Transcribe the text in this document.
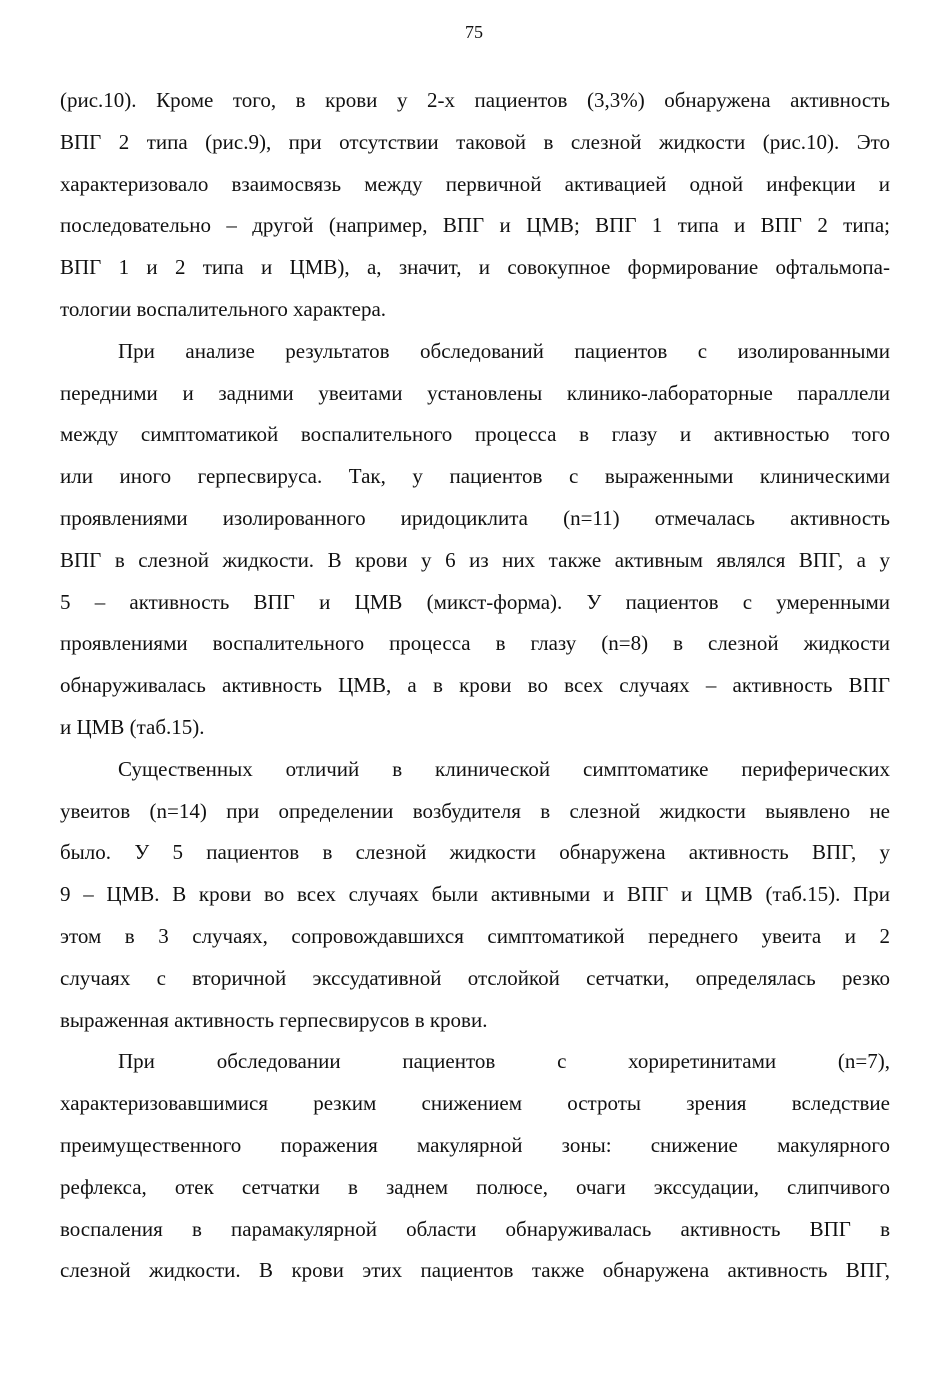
75
(рис.10). Кроме того, в крови у 2-х пациентов (3,3%) обнаружена активность
ВПГ 2 типа (рис.9), при отсутствии таковой в слезной жидкости (рис.10). Это
характеризовало взаимосвязь между первичной активацией одной инфекции и
последовательно – другой (например, ВПГ и ЦМВ; ВПГ 1 типа и ВПГ 2 типа;
ВПГ 1 и 2 типа и ЦМВ), а, значит, и совокупное формирование офтальмопа-
тологии воспалительного характера.
При анализе результатов обследований пациентов с изолированными
передними и задними увеитами установлены клинико-лабораторные параллели
между симптоматикой воспалительного процесса в глазу и активностью того
или иного герпесвируса. Так, у пациентов с выраженными клиническими
проявлениями изолированного иридоциклита (n=11) отмечалась активность
ВПГ в слезной жидкости. В крови у 6 из них также активным являлся ВПГ, а у
5 – активность ВПГ и ЦМВ (микст-форма). У пациентов с умеренными
проявлениями воспалительного процесса в глазу (n=8) в слезной жидкости
обнаруживалась активность ЦМВ, а в крови во всех случаях – активность ВПГ
и ЦМВ (таб.15).
Существенных отличий в клинической симптоматике периферических
увеитов (n=14) при определении возбудителя в слезной жидкости выявлено не
было. У 5 пациентов в слезной жидкости обнаружена активность ВПГ, у
9 – ЦМВ. В крови во всех случаях были активными и ВПГ и ЦМВ (таб.15). При
этом в 3 случаях, сопровождавшихся симптоматикой переднего увеита и 2
случаях с вторичной экссудативной отслойкой сетчатки, определялась резко
выраженная активность герпесвирусов в крови.
При обследовании пациентов с хориретинитами (n=7),
характеризовавшимися резким снижением остроты зрения вследствие
преимущественного поражения макулярной зоны: снижение макулярного
рефлекса, отек сетчатки в заднем полюсе, очаги экссудации, слипчивого
воспаления в парамакулярной области обнаруживалась активность ВПГ в
слезной жидкости. В крови этих пациентов также обнаружена активность ВПГ,
